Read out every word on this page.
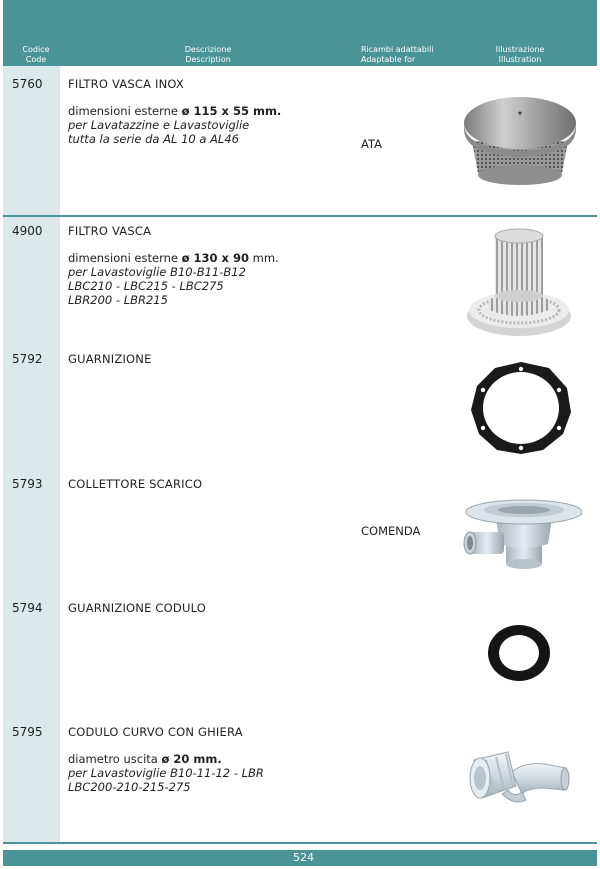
Codice
Code
Descrizione
Description
Ricambi adattabili
Adaptable for
Illustrazione
Illustration
5760 FILTRO VASCA INOX
dimensioni esterne ø 115 x 55 mm.
per Lavatazzine e Lavastoviglie
tutta la serie da AL 10 a AL46	ATA
4900 FILTRO VASCA
dimensioni esterne ø 130 x 90 mm.
per Lavastoviglie B10-B11-B12
LBC210 - LBC215 - LBC275
LBR200 - LBR215
5792 GUARNIZIONE
5793 COLLETTORE SCARICO
COMENDA
5794 GUARNIZIONE CODULO
5795 CODULO CURVO CON GHIERA
diametro uscita ø 20 mm.
per Lavastoviglie B10-11-12 - LBR
LBC200-210-215-275
524
